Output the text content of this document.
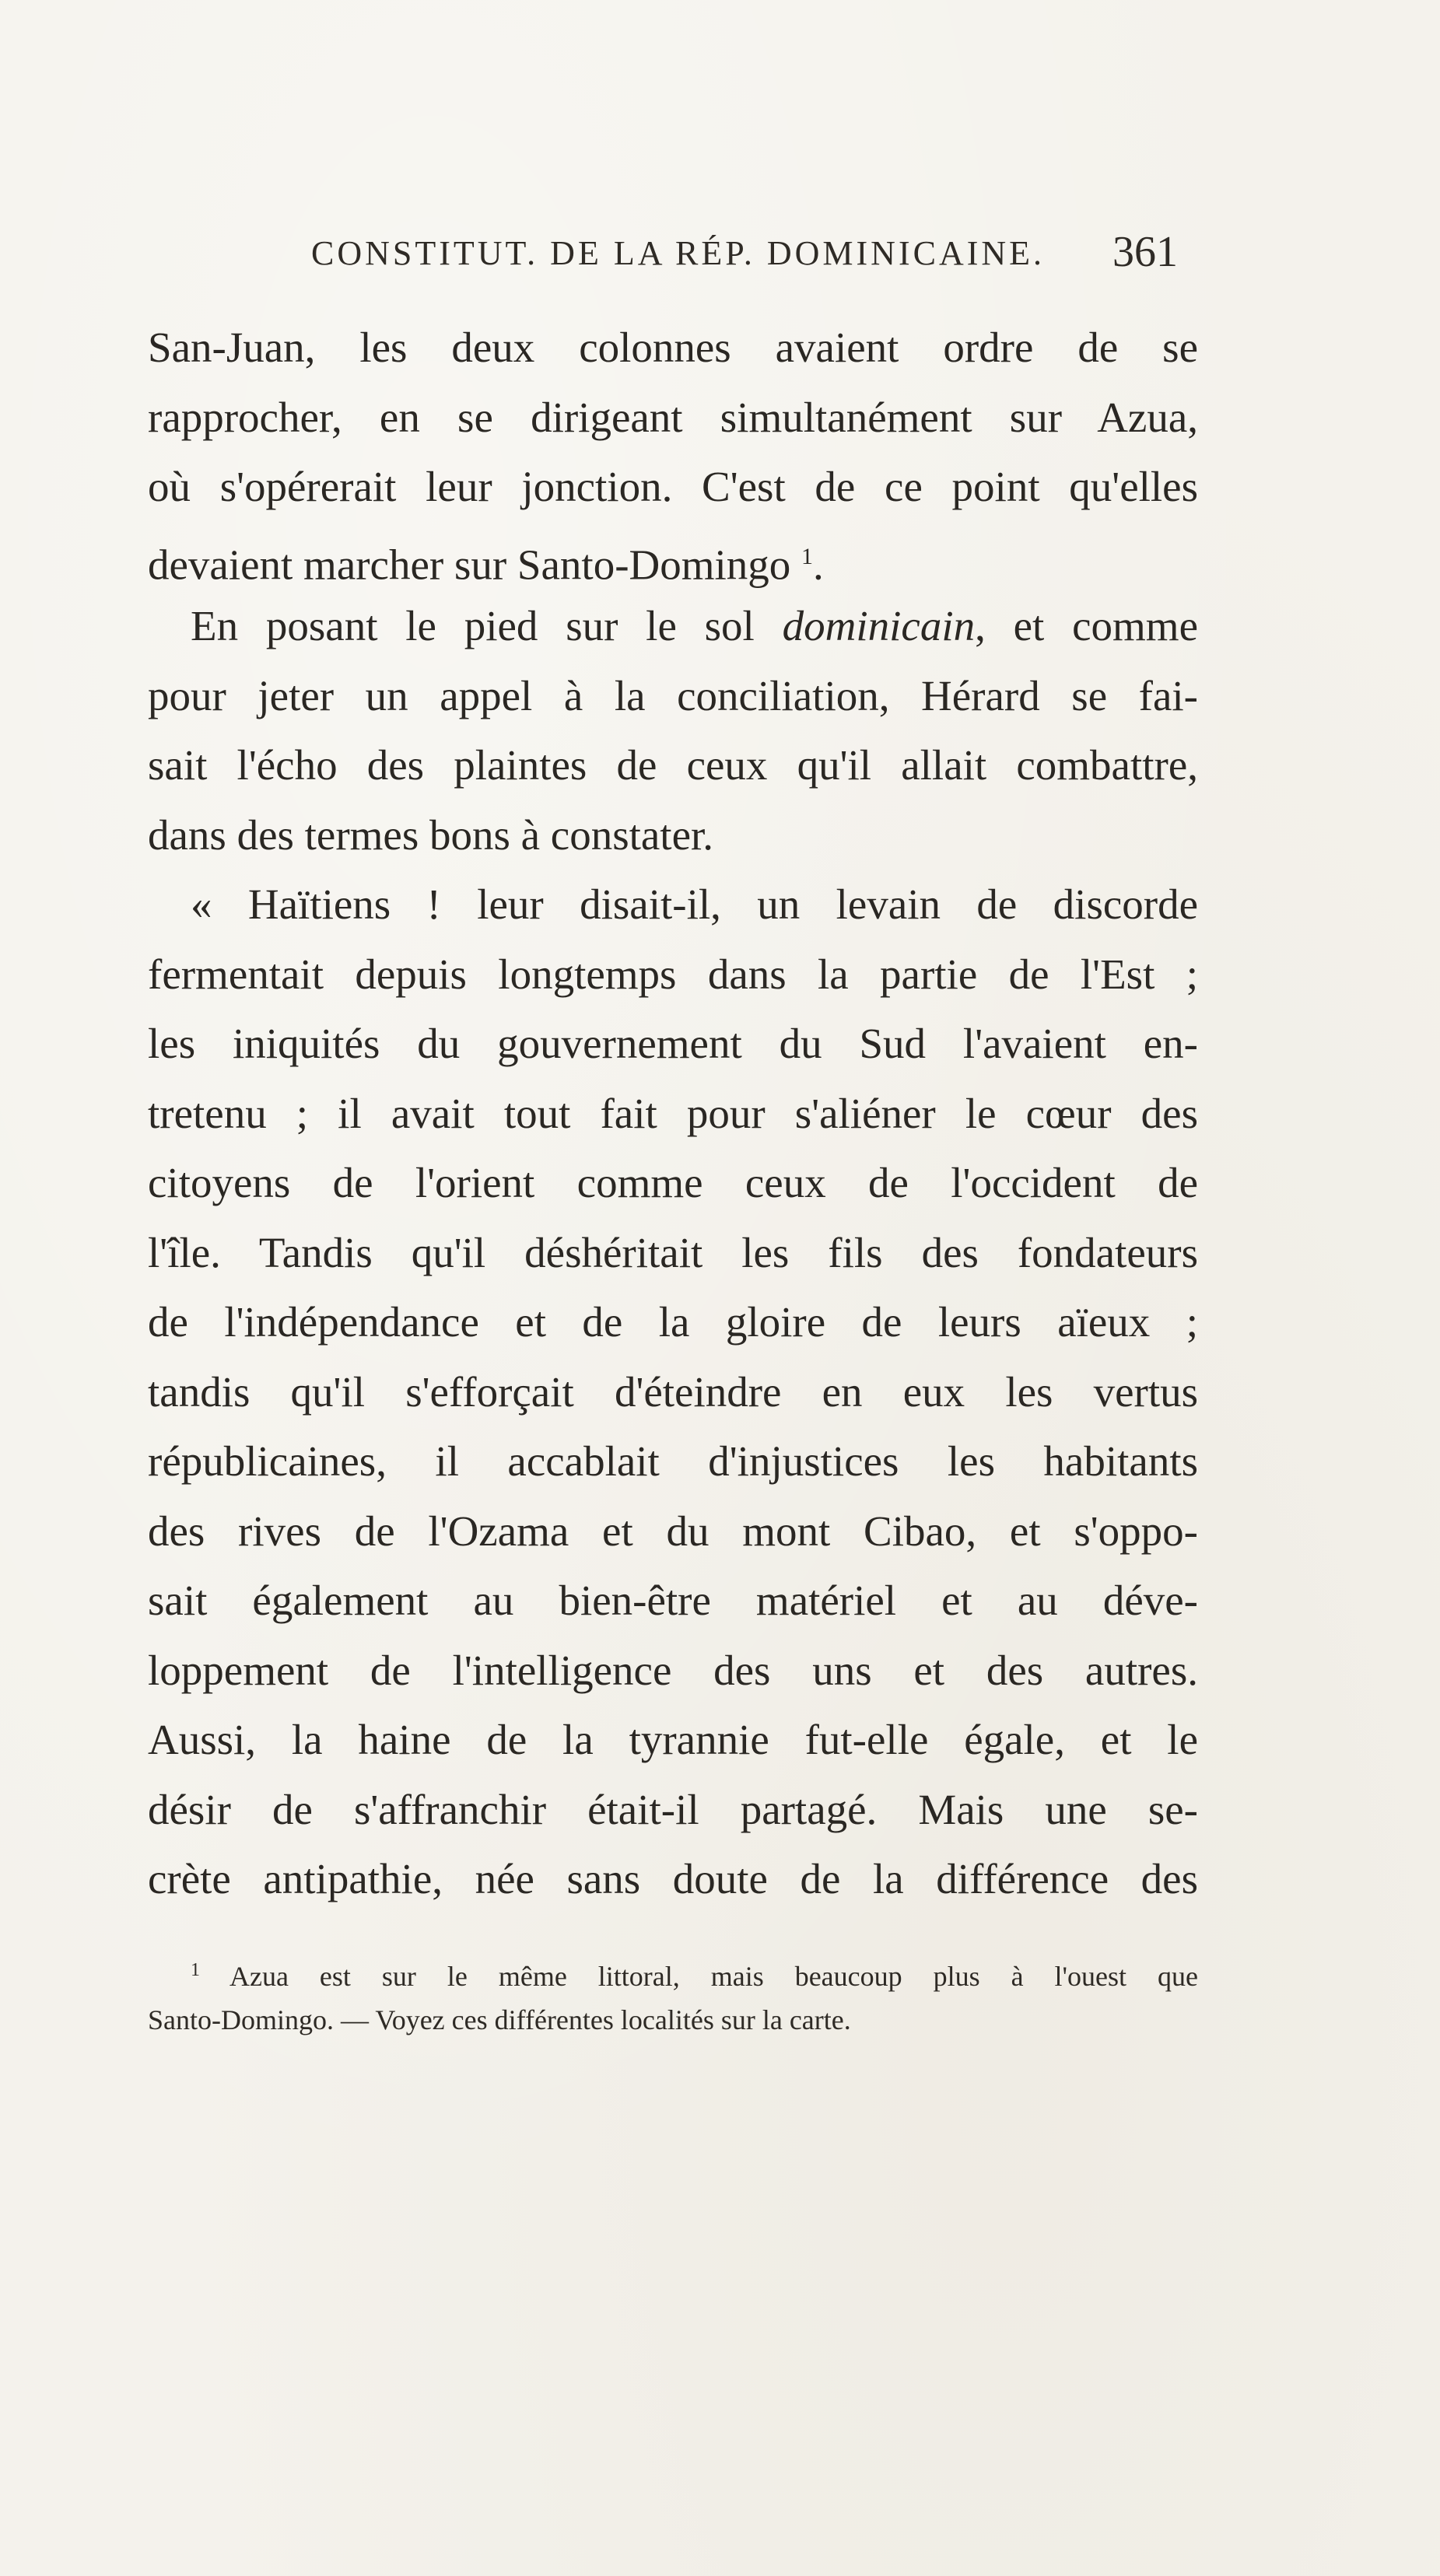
CONSTITUT. DE LA RÉP. DOMINICAINE.	361
San-Juan, les deux colonnes avaient ordre de se
rapprocher, en se dirigeant simultanément sur Azua,
où s'opérerait leur jonction. C'est de ce point qu'elles
devaient marcher sur Santo-Domingo $^1$.
En posant le pied sur le sol dominicain, et comme
pour jeter un appel à la conciliation, Hérard se fai-
sait l'écho des plaintes de ceux qu'il allait combattre,
dans des termes bons à constater.
« Haïtiens ! leur disait-il, un levain de discorde
fermentait depuis longtemps dans la partie de l'Est ;
les iniquités du gouvernement du Sud l'avaient en-
tretenu ; il avait tout fait pour s'aliéner le cœur des
citoyens de l'orient comme ceux de l'occident de
l'île. Tandis qu'il déshéritait les fils des fondateurs
de l'indépendance et de la gloire de leurs aïeux ;
tandis qu'il s'efforçait d'éteindre en eux les vertus
républicaines, il accablait d'injustices les habitants
des rives de l'Ozama et du mont Cibao, et s'oppo-
sait également au bien-être matériel et au déve-
loppement de l'intelligence des uns et des autres.
Aussi, la haine de la tyrannie fut-elle égale, et le
désir de s'affranchir était-il partagé. Mais une se-
crète antipathie, née sans doute de la différence des
$^1$ Azua est sur le même littoral, mais beaucoup plus à l'ouest que
Santo-Domingo. — Voyez ces différentes localités sur la carte.
